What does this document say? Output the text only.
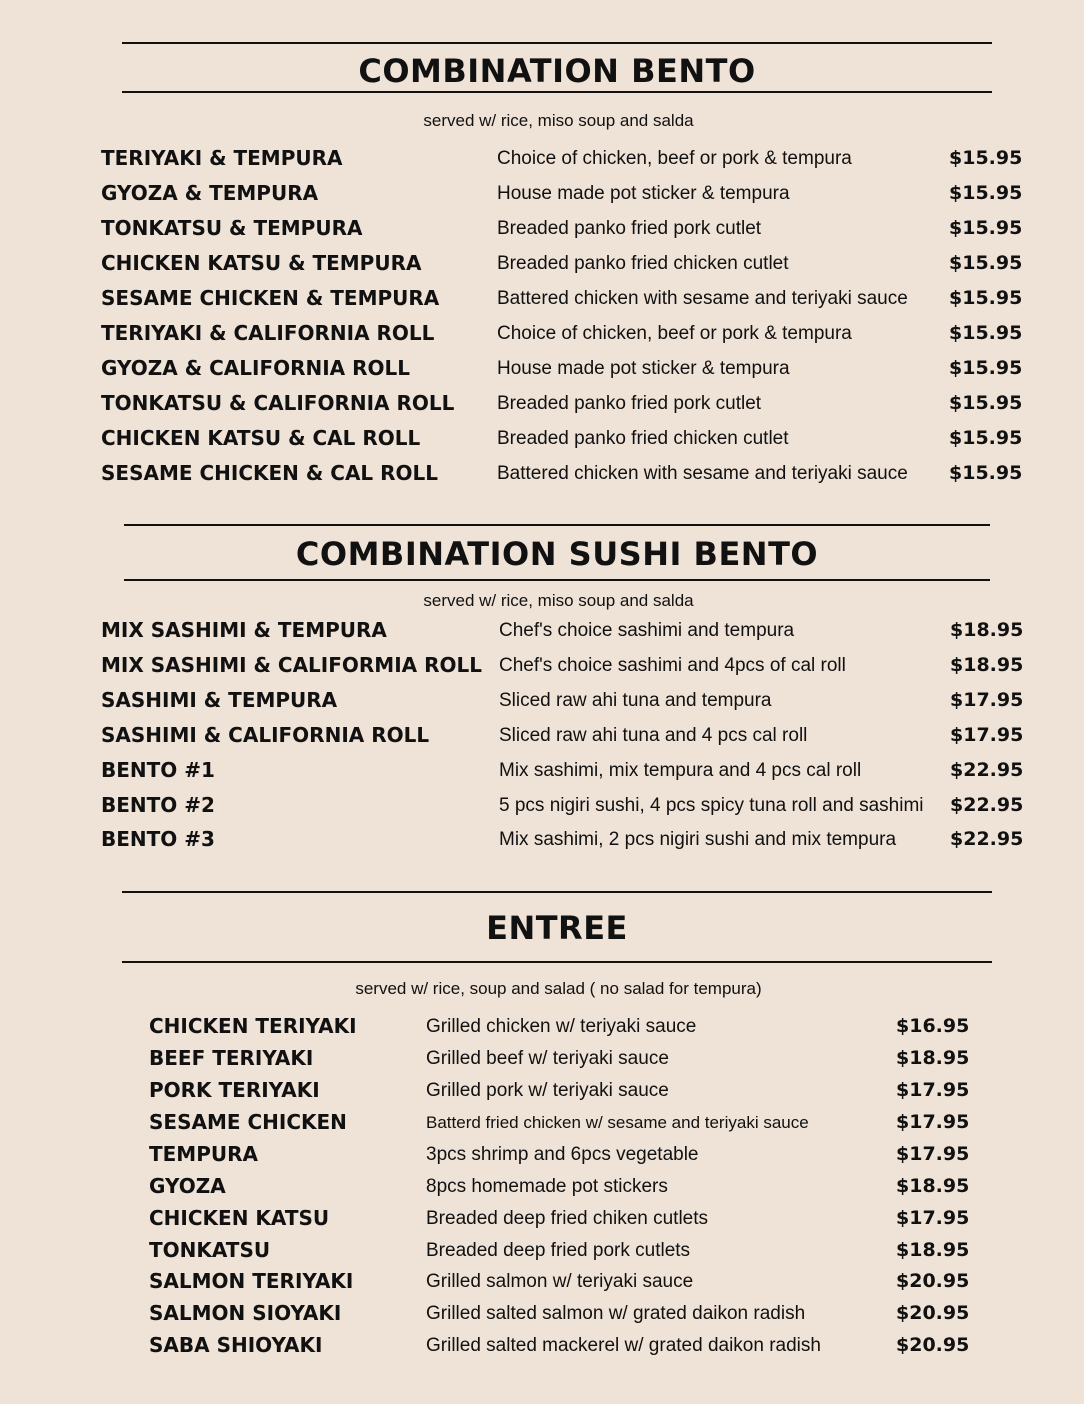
COMBINATION BENTO
served w/ rice, miso soup and salda
TERIYAKI & TEMPURA	Choice of chicken, beef or pork & tempura	$15.95
GYOZA & TEMPURA	House made pot sticker & tempura	$15.95
TONKATSU & TEMPURA	Breaded panko fried pork cutlet	$15.95
CHICKEN KATSU & TEMPURA	Breaded panko fried chicken cutlet	$15.95
SESAME CHICKEN & TEMPURA	Battered chicken with sesame and teriyaki sauce $15.95
TERIYAKI & CALIFORNIA ROLL	Choice of chicken, beef or pork & tempura	$15.95
GYOZA & CALIFORNIA ROLL	House made pot sticker & tempura	$15.95
TONKATSU & CALIFORNIA ROLL Breaded panko fried pork cutlet	$15.95
CHICKEN KATSU & CAL ROLL	Breaded panko fried chicken cutlet	$15.95
SESAME CHICKEN & CAL ROLL	Battered chicken with sesame and teriyaki sauce $15.95
COMBINATION SUSHI BENTO
served w/ rice, miso soup and salda
MIX SASHIMI & TEMPURA	Chef's choice sashimi and tempura	$18.95
MIX SASHIMI & CALIFORMIA ROLL Chef's choice sashimi and 4pcs of cal roll	$18.95
SASHIMI & TEMPURA	Sliced raw ahi tuna and tempura	$17.95
SASHIMI & CALIFORNIA ROLL	Sliced raw ahi tuna and 4 pcs cal roll	$17.95
BENTO #1	Mix sashimi, mix tempura and 4 pcs cal roll	$22.95
BENTO #2	5 pcs nigiri sushi, 4 pcs spicy tuna roll and sashimi $22.95
BENTO #3	Mix sashimi, 2 pcs nigiri sushi and mix tempura	$22.95
ENTREE
served w/ rice, soup and salad ( no salad for tempura)
CHICKEN TERIYAKI	Grilled chicken w/ teriyaki sauce	$16.95
BEEF TERIYAKI	Grilled beef w/ teriyaki sauce	$18.95
PORK TERIYAKI	Grilled pork w/ teriyaki sauce	$17.95
SESAME CHICKEN	Batterd fried chicken w/ sesame and teriyaki sauce	$17.95
TEMPURA	3pcs shrimp and 6pcs vegetable	$17.95
GYOZA	8pcs homemade pot stickers	$18.95
CHICKEN KATSU	Breaded deep fried chiken cutlets	$17.95
TONKATSU	Breaded deep fried pork cutlets	$18.95
SALMON TERIYAKI	Grilled salmon w/ teriyaki sauce	$20.95
SALMON SIOYAKI	Grilled salted salmon w/ grated daikon radish	$20.95
SABA SHIOYAKI	Grilled salted mackerel w/ grated daikon radish	$20.95
